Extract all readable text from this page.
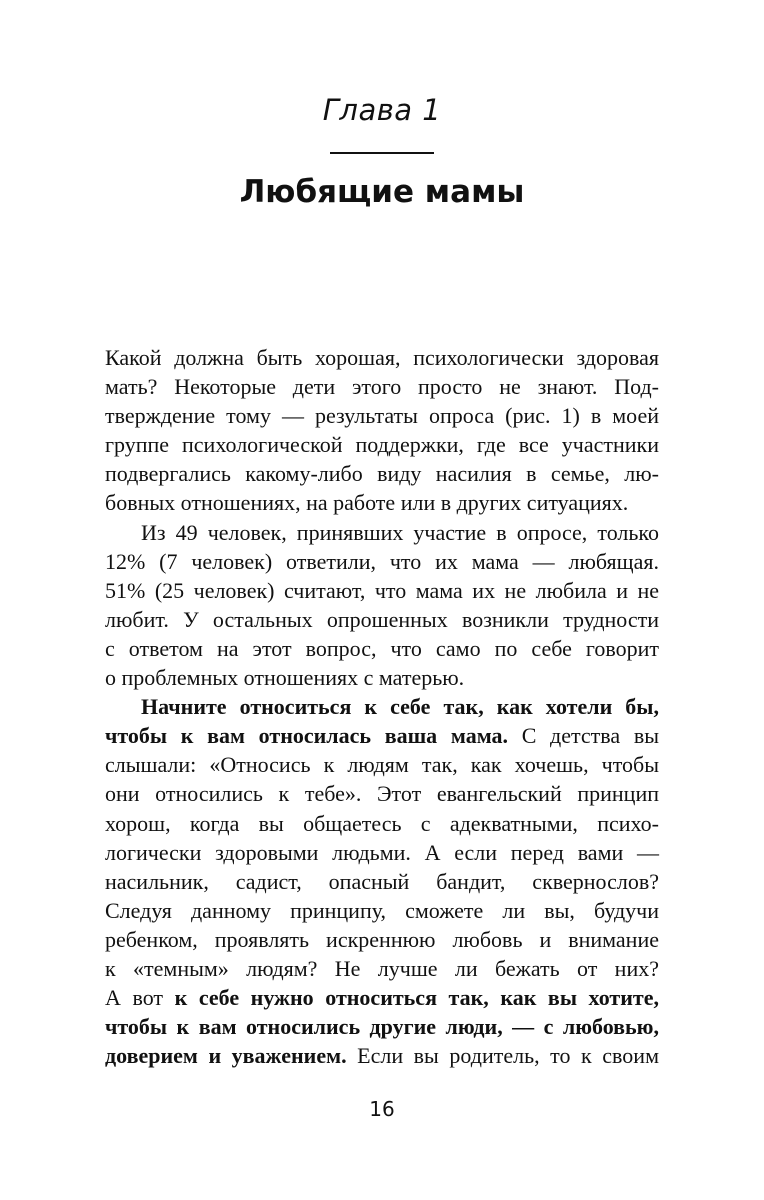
Глава 1
Любящие мамы
Какой должна быть хорошая, психологически здоровая
мать? Некоторые дети этого просто не знают. Под-
тверждение тому — результаты опроса (рис. 1) в моей
группе психологической поддержки, где все участники
подвергались какому-либо виду насилия в семье, лю-
бовных отношениях, на работе или в других ситуациях.
Из 49 человек, принявших участие в опросе, только
12% (7 человек) ответили, что их мама — любящая.
51% (25 человек) считают, что мама их не любила и не
любит. У остальных опрошенных возникли трудности
с ответом на этот вопрос, что само по себе говорит
о проблемных отношениях с матерью.
Начните относиться к себе так, как хотели бы,
чтобы к вам относилась ваша мама. С детства вы
слышали: «Относись к людям так, как хочешь, чтобы
они относились к тебе». Этот евангельский принцип
хорош, когда вы общаетесь с адекватными, психо-
логически здоровыми людьми. А если перед вами —
насильник, садист, опасный бандит, сквернослов?
Следуя данному принципу, сможете ли вы, будучи
ребенком, проявлять искреннюю любовь и внимание
к «темным» людям? Не лучше ли бежать от них?
А вот к себе нужно относиться так, как вы хотите,
чтобы к вам относились другие люди, — с любовью,
доверием и уважением. Если вы родитель, то к своим
16
